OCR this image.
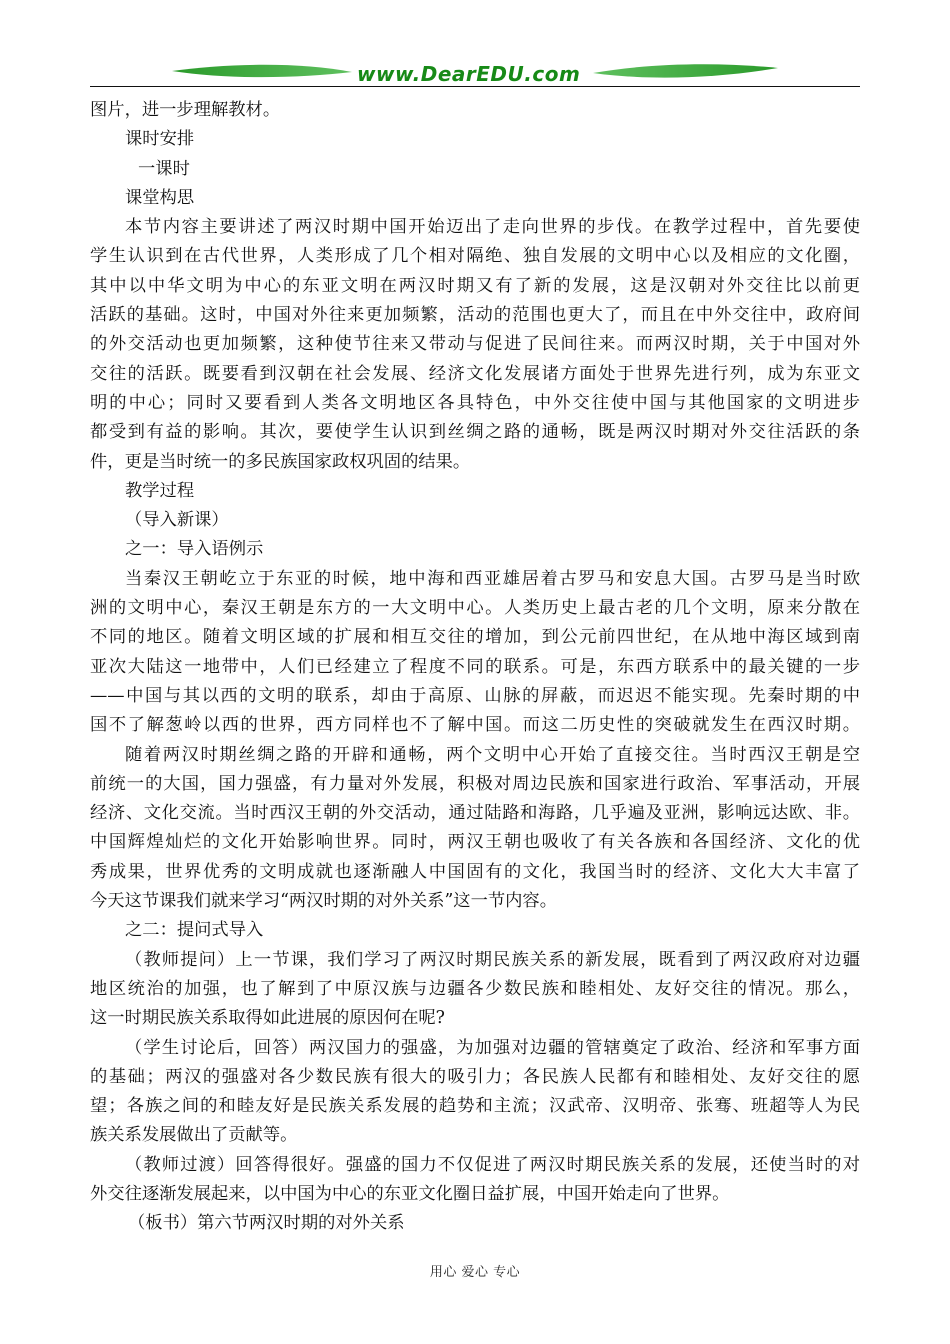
www.DearEDU.com
图片，进一步理解教材。
课时安排
一课时
课堂构思
本节内容主要讲述了两汉时期中国开始迈出了走向世界的步伐。在教学过程中，首先要使
学生认识到在古代世界，人类形成了几个相对隔绝、独自发展的文明中心以及相应的文化圈，
其中以中华文明为中心的东亚文明在两汉时期又有了新的发展，这是汉朝对外交往比以前更
活跃的基础。这时，中国对外往来更加频繁，活动的范围也更大了，而且在中外交往中，政府间
的外交活动也更加频繁，这种使节往来又带动与促进了民间往来。而两汉时期，关于中国对外
交往的活跃。既要看到汉朝在社会发展、经济文化发展诸方面处于世界先进行列，成为东亚文
明的中心；同时又要看到人类各文明地区各具特色，中外交往使中国与其他国家的文明进步
都受到有益的影响。其次，要使学生认识到丝绸之路的通畅，既是两汉时期对外交往活跃的条
件，更是当时统一的多民族国家政权巩固的结果。
教学过程
（导入新课）
之一：导入语例示
当秦汉王朝屹立于东亚的时候，地中海和西亚雄居着古罗马和安息大国。古罗马是当时欧
洲的文明中心，秦汉王朝是东方的一大文明中心。人类历史上最古老的几个文明，原来分散在
不同的地区。随着文明区域的扩展和相互交往的增加，到公元前四世纪，在从地中海区域到南
亚次大陆这一地带中，人们已经建立了程度不同的联系。可是，东西方联系中的最关键的一步
——中国与其以西的文明的联系，却由于高原、山脉的屏蔽，而迟迟不能实现。先秦时期的中
国不了解葱岭以西的世界，西方同样也不了解中国。而这二历史性的突破就发生在西汉时期。
随着两汉时期丝绸之路的开辟和通畅，两个文明中心开始了直接交往。当时西汉王朝是空
前统一的大国，国力强盛，有力量对外发展，积极对周边民族和国家进行政治、军事活动，开展
经济、文化交流。当时西汉王朝的外交活动，通过陆路和海路，几乎遍及亚洲，影响远达欧、非。
中国辉煌灿烂的文化开始影响世界。同时，两汉王朝也吸收了有关各族和各国经济、文化的优
秀成果，世界优秀的文明成就也逐渐融人中国固有的文化，我国当时的经济、文化大大丰富了
今天这节课我们就来学习“两汉时期的对外关系”这一节内容。
之二：提问式导入
（教师提问）上一节课，我们学习了两汉时期民族关系的新发展，既看到了两汉政府对边疆
地区统治的加强，也了解到了中原汉族与边疆各少数民族和睦相处、友好交往的情况。那么，
这一时期民族关系取得如此进展的原因何在呢?
（学生讨论后，回答）两汉国力的强盛，为加强对边疆的管辖奠定了政治、经济和军事方面
的基础；两汉的强盛对各少数民族有很大的吸引力；各民族人民都有和睦相处、友好交往的愿
望；各族之间的和睦友好是民族关系发展的趋势和主流；汉武帝、汉明帝、张骞、班超等人为民
族关系发展做出了贡献等。
（教师过渡）回答得很好。强盛的国力不仅促进了两汉时期民族关系的发展，还使当时的对
外交往逐渐发展起来，以中国为中心的东亚文化圈日益扩展，中国开始走向了世界。
（板书）第六节两汉时期的对外关系
用心 爱心 专心
